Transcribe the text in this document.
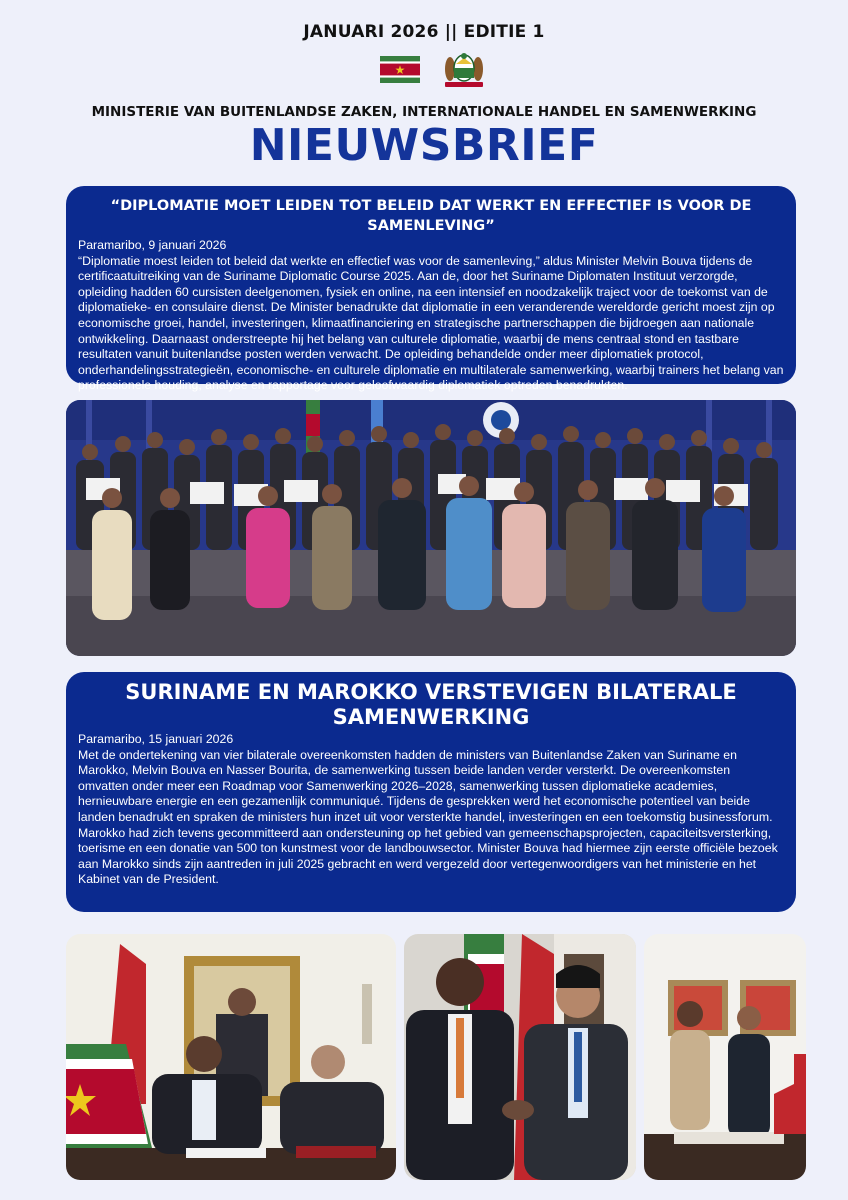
JANUARI 2026 || EDITIE 1
MINISTERIE VAN BUITENLANDSE ZAKEN, INTERNATIONALE HANDEL EN SAMENWERKING
NIEUWSBRIEF
“DIPLOMATIE MOET LEIDEN TOT BELEID DAT WERKT EN EFFECTIEF IS VOOR DE SAMENLEVING”
Paramaribo, 9 januari 2026

“Diplomatie moest leiden tot beleid dat werkte en effectief was voor de samenleving,” aldus Minister Melvin Bouva tijdens de certificaatuitreiking van de Suriname Diplomatic Course 2025. Aan de, door het Suriname Diplomaten Instituut verzorgde, opleiding hadden 60 cursisten deelgenomen, fysiek en online, na een intensief en noodzakelijk traject voor de toekomst van de diplomatieke- en consulaire dienst. De Minister benadrukte dat diplomatie in een veranderende wereldorde gericht moest zijn op economische groei, handel, investeringen, klimaatfinanciering en strategische partnerschappen die bijdroegen aan nationale ontwikkeling. Daarnaast onderstreepte hij het belang van culturele diplomatie, waarbij de mens centraal stond en tastbare resultaten vanuit buitenlandse posten werden verwacht. De opleiding behandelde onder meer diplomatiek protocol, onderhandelingsstrategieën, economische- en culturele diplomatie en multilaterale samenwerking, waarbij trainers het belang van professionele houding, analyse en rapportage voor geloofwaardig diplomatiek optreden benadrukten.

SURINAME EN MAROKKO VERSTEVIGEN BILATERALE SAMENWERKING
Paramaribo, 15 januari 2026

Met de ondertekening van vier bilaterale overeenkomsten hadden de ministers van Buitenlandse Zaken van Suriname en Marokko, Melvin Bouva en Nasser Bourita, de samenwerking tussen beide landen verder versterkt. De overeenkomsten omvatten onder meer een Roadmap voor Samenwerking 2026–2028, samenwerking tussen diplomatieke academies, hernieuwbare energie en een gezamenlijk communiqué. Tijdens de gesprekken werd het economische potentieel van beide landen benadrukt en spraken de ministers hun inzet uit voor versterkte handel, investeringen en een toekomstig businessforum. Marokko had zich tevens gecommitteerd aan ondersteuning op het gebied van gemeenschapsprojecten, capaciteitsversterking, toerisme en een donatie van 500 ton kunstmest voor de landbouwsector. Minister Bouva had hiermee zijn eerste officiële bezoek aan Marokko sinds zijn aantreden in juli 2025 gebracht en werd vergezeld door vertegenwoordigers van het ministerie en het Kabinet van de President.
